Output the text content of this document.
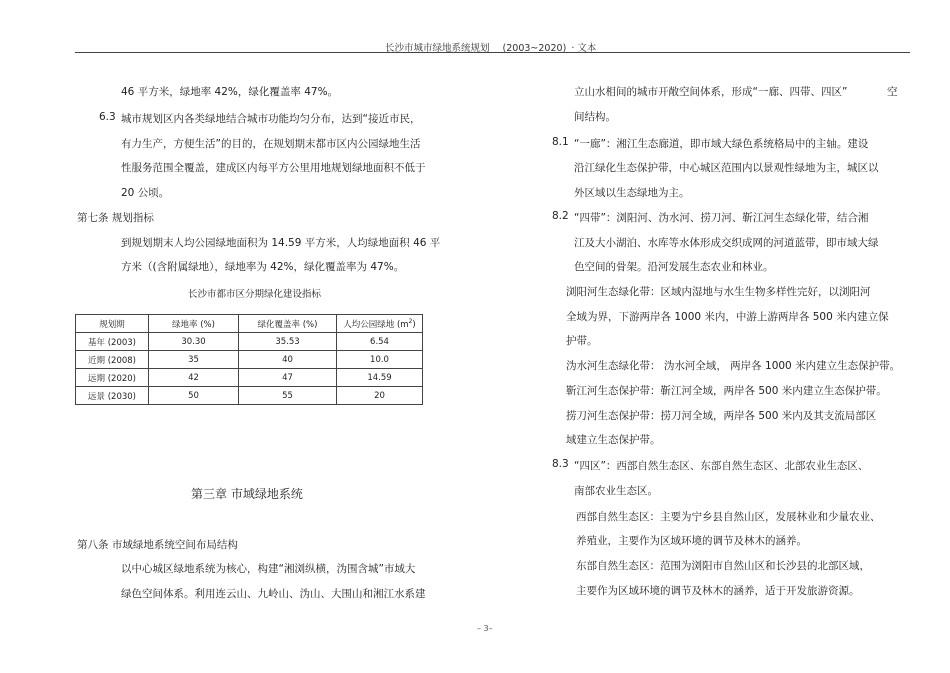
长沙市城市绿地系统规划 (2003~2020) · 文本
46 平方米，绿地率 42%，绿化覆盖率 47%。
6.3 城市规划区内各类绿地结合城市功能均匀分布，达到“接近市民，
有力生产，方便生活”的目的，在规划期末都市区内公园绿地生活
性服务范围全覆盖，建成区内每平方公里用地规划绿地面积不低于
20 公顷。
第七条 规划指标
到规划期末人均公园绿地面积为 14.59 平方米，人均绿地面积 46 平
方米（(含附属绿地），绿地率为 42%，绿化覆盖率为 47%。
长沙市都市区分期绿化建设指标
规划期	绿地率 (%)	绿化覆盖率 (%)	人均公园绿地 $(m^2)$
基年 (2003)	30.30	35.53	6.54
近期 (2008)	35	40	10.0
远期 (2020)	42	47	14.59
远景 (2030)	50	55	20
第三章 市域绿地系统
第八条 市域绿地系统空间布局结构
以中心城区绿地系统为核心，构建“湘浏纵横，沩围含城”市域大
绿色空间体系。利用连云山、九岭山、沩山、大围山和湘江水系建
立山水相间的城市开敞空间体系，形成“一廊、四带、四区”	空
间结构。
8.1 “一廊”：湘江生态廊道，即市域大绿色系统格局中的主轴。建设
沿江绿化生态保护带，中心城区范围内以景观性绿地为主，城区以
外区域以生态绿地为主。
8.2 “四带”：浏阳河、沩水河、捞刀河、靳江河生态绿化带，结合湘
江及大小湖泊、水库等水体形成交织成网的河道蓝带，即市域大绿
色空间的骨架。沿河发展生态农业和林业。
浏阳河生态绿化带：区域内湿地与水生生物多样性完好，以浏阳河
全域为界，下游两岸各 1000 米内，中游上游两岸各 500 米内建立保
护带。
沩水河生态绿化带： 沩水河全域， 两岸各 1000 米内建立生态保护带。
靳江河生态保护带：靳江河全域，两岸各 500 米内建立生态保护带。
捞刀河生态保护带：捞刀河全域，两岸各 500 米内及其支流局部区
域建立生态保护带。
8.3 “四区”：西部自然生态区、东部自然生态区、北部农业生态区、
南部农业生态区。
西部自然生态区：主要为宁乡县自然山区，发展林业和少量农业、
养殖业，主要作为区域环境的调节及林木的涵养。
东部自然生态区：范围为浏阳市自然山区和长沙县的北部区域，
主要作为区域环境的调节及林木的涵养，适于开发旅游资源。
– 3–
